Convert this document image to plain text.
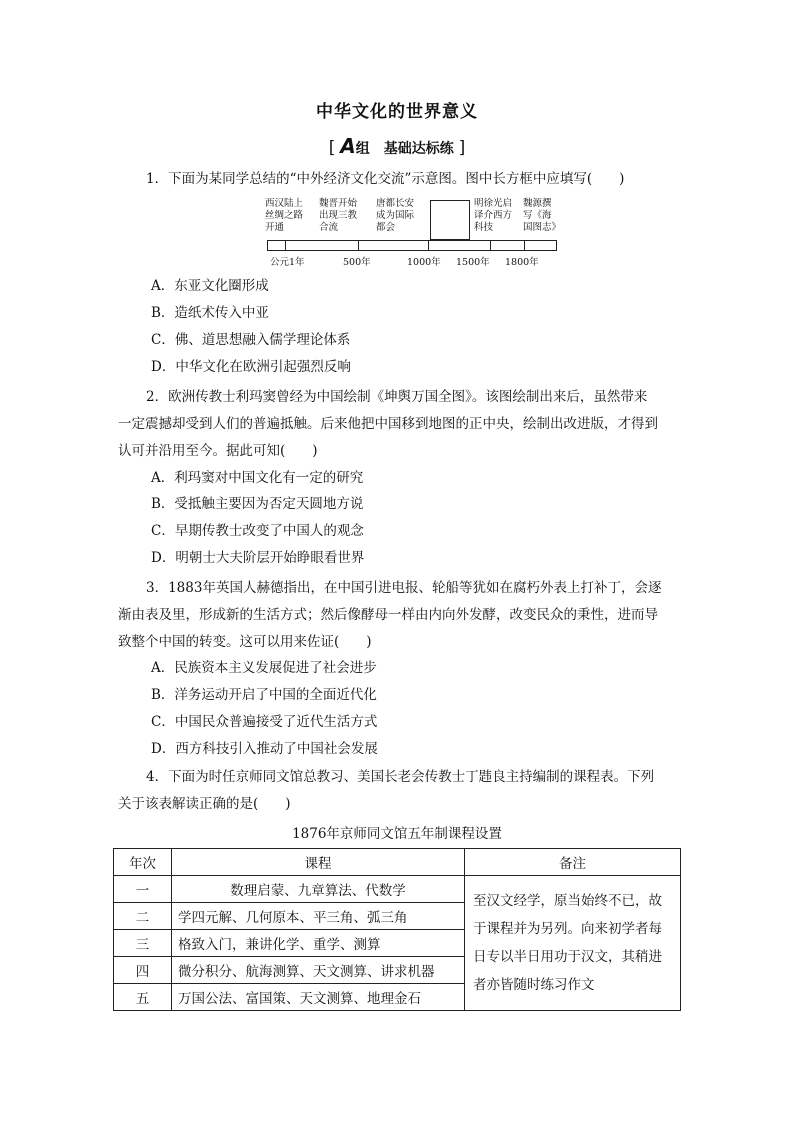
中华文化的世界意义
[ A组　基础达标练 ]
1．下面为某同学总结的“中外经济文化交流”示意图。图中长方框中应填写(　　)
西汉陆上
丝绸之路
开通
魏晋开始
出现三教
合流
唐都长安
成为国际
都会
明徐光启
译介西方
科技
魏源撰
写《海
国图志》
公元1年	500年	1000年 1500年 1800年
A．东亚文化圈形成
B．造纸术传入中亚
C．佛、道思想融入儒学理论体系
D．中华文化在欧洲引起强烈反响
2．欧洲传教士利玛窦曾经为中国绘制《坤舆万国全图》。该图绘制出来后，虽然带来
一定震撼却受到人们的普遍抵触。后来他把中国移到地图的正中央，绘制出改进版，才得到
认可并沿用至今。据此可知(　　)
A．利玛窦对中国文化有一定的研究
B．受抵触主要因为否定天圆地方说
C．早期传教士改变了中国人的观念
D．明朝士大夫阶层开始睁眼看世界
3．1883年英国人赫德指出，在中国引进电报、轮船等犹如在腐朽外表上打补丁，会逐
渐由表及里，形成新的生活方式；然后像酵母一样由内向外发酵，改变民众的秉性，进而导
致整个中国的转变。这可以用来佐证(　　)
A．民族资本主义发展促进了社会进步
B．洋务运动开启了中国的全面近代化
C．中国民众普遍接受了近代生活方式
D．西方科技引入推动了中国社会发展
4．下面为时任京师同文馆总教习、美国长老会传教士丁韪良主持编制的课程表。下列
关于该表解读正确的是(　　)
1876年京师同文馆五年制课程设置
年次	课程	备注
一	数理启蒙、九章算法、代数学	至汉文经学，原当始终不已，故于课程并为另列。向来初学者每日专以半日用功于汉文，其稍进者亦皆随时练习作文
二	学四元解、几何原本、平三角、弧三角	
三	格致入门，兼讲化学、重学、测算	
四	微分积分、航海测算、天文测算、讲求机器	
五	万国公法、富国策、天文测算、地理金石	
